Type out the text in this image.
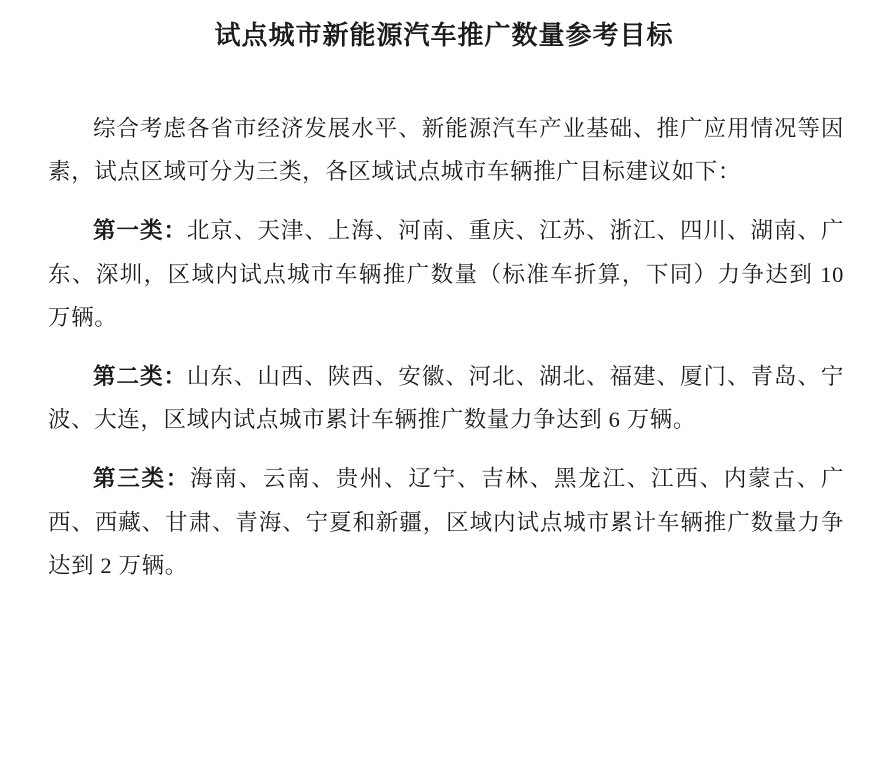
试点城市新能源汽车推广数量参考目标

综合考虑各省市经济发展水平、新能源汽车产业基础、推广应用情况等因素，试点区域可分为三类，各区域试点城市车辆推广目标建议如下：

第一类：北京、天津、上海、河南、重庆、江苏、浙江、四川、湖南、广东、深圳，区域内试点城市车辆推广数量（标准车折算，下同）力争达到 10 万辆。

第二类：山东、山西、陕西、安徽、河北、湖北、福建、厦门、青岛、宁波、大连，区域内试点城市累计车辆推广数量力争达到 6 万辆。

第三类：海南、云南、贵州、辽宁、吉林、黑龙江、江西、内蒙古、广西、西藏、甘肃、青海、宁夏和新疆，区域内试点城市累计车辆推广数量力争达到 2 万辆。
